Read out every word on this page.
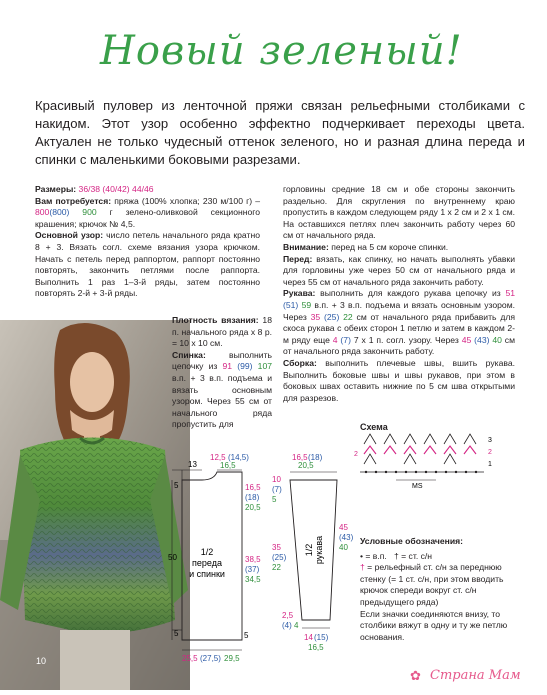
Новый зеленый!
Красивый пуловер из ленточной пряжи связан рельефными столбиками с накидом. Этот узор особенно эффектно подчеркивает переходы цвета. Актуален не только чудесный оттенок зеленого, но и разная длина переда и спинки с маленькими боковыми разрезами.
Размеры: 36/38 (40/42) 44/46
Вам потребуется: пряжа (100% хлопка; 230 м/100 г) – 800(800) 900 г зелено-оливковой секционного крашения; крючок № 4,5.
Основной узор: число петель начального ряда кратно 8 + 3. Вязать согл. схеме вязания узора крючком. Начать с петель перед раппортом, раппорт постоянно повторять, закончить петлями после раппорта. Выполнить 1 раз 1–3-й ряды, затем постоянно повторять 2-й + 3-й ряды.
10
Плотность вязания: 18 п. начального ряда х 8 р. = 10 х 10 см.
Спинка: выполнить цепочку из 91 (99) 107 в.п. + 3 в.п. подъема и вязать основным узором. Через 55 см от начального ряда пропустить для
горловины средние 18 см и обе стороны закончить раздельно. Для скругления по внутреннему краю пропустить в каждом следующем ряду 1 х 2 см и 2 х 1 см. На оставшихся петлях плеч закончить работу через 60 см от начального ряда.
Внимание: перед на 5 см короче спинки.
Перед: вязать, как спинку, но начать выполнять убавки для горловины уже через 50 см от начального ряда и через 55 см от начального ряда закончить работу.
Рукава: выполнить для каждого рукава цепочку из 51 (51) 59 в.п. + 3 в.п. подъема и вязать основным узором. Через 35 (25) 22 см от начального ряда прибавить для скоса рукава с обеих сторон 1 петлю и затем в каждом 2-м ряду еще 4 (7) 7 х 1 п. согл. узору. Через 45 (43) 40 см от начального ряда закончить работу.
Сборка: выполнить плечевые швы, вшить рукава. Выполнить боковые швы и швы рукавов, при этом в боковых швах оставить нижние по 5 см шва открытыми для разрезов.
13
12,5 (14,5)
16,5
5
50
5	5
16,5
(18)
20,5
38,5
(37)
34,5
1/2
переда
и спинки
25,5 (27,5) 29,5
16,5 (18)
20,5
10
(7)
5
35
(25)
22
45
(43)
40
2,5
(4) 4
14 (15)
16,5
1/2 рукава
Схема
MS
3
2	2
1
Условные обозначения:
• = в.п. † = ст. с/н
† = рельефный ст. с/н за переднюю стенку (= 1 ст. с/н, при этом вводить крючок спереди вокруг ст. с/н предыдущего ряда)
Если значки соединяются внизу, то столбики вяжут в одну и ту же петлю основания.
✿ Страна Мам
